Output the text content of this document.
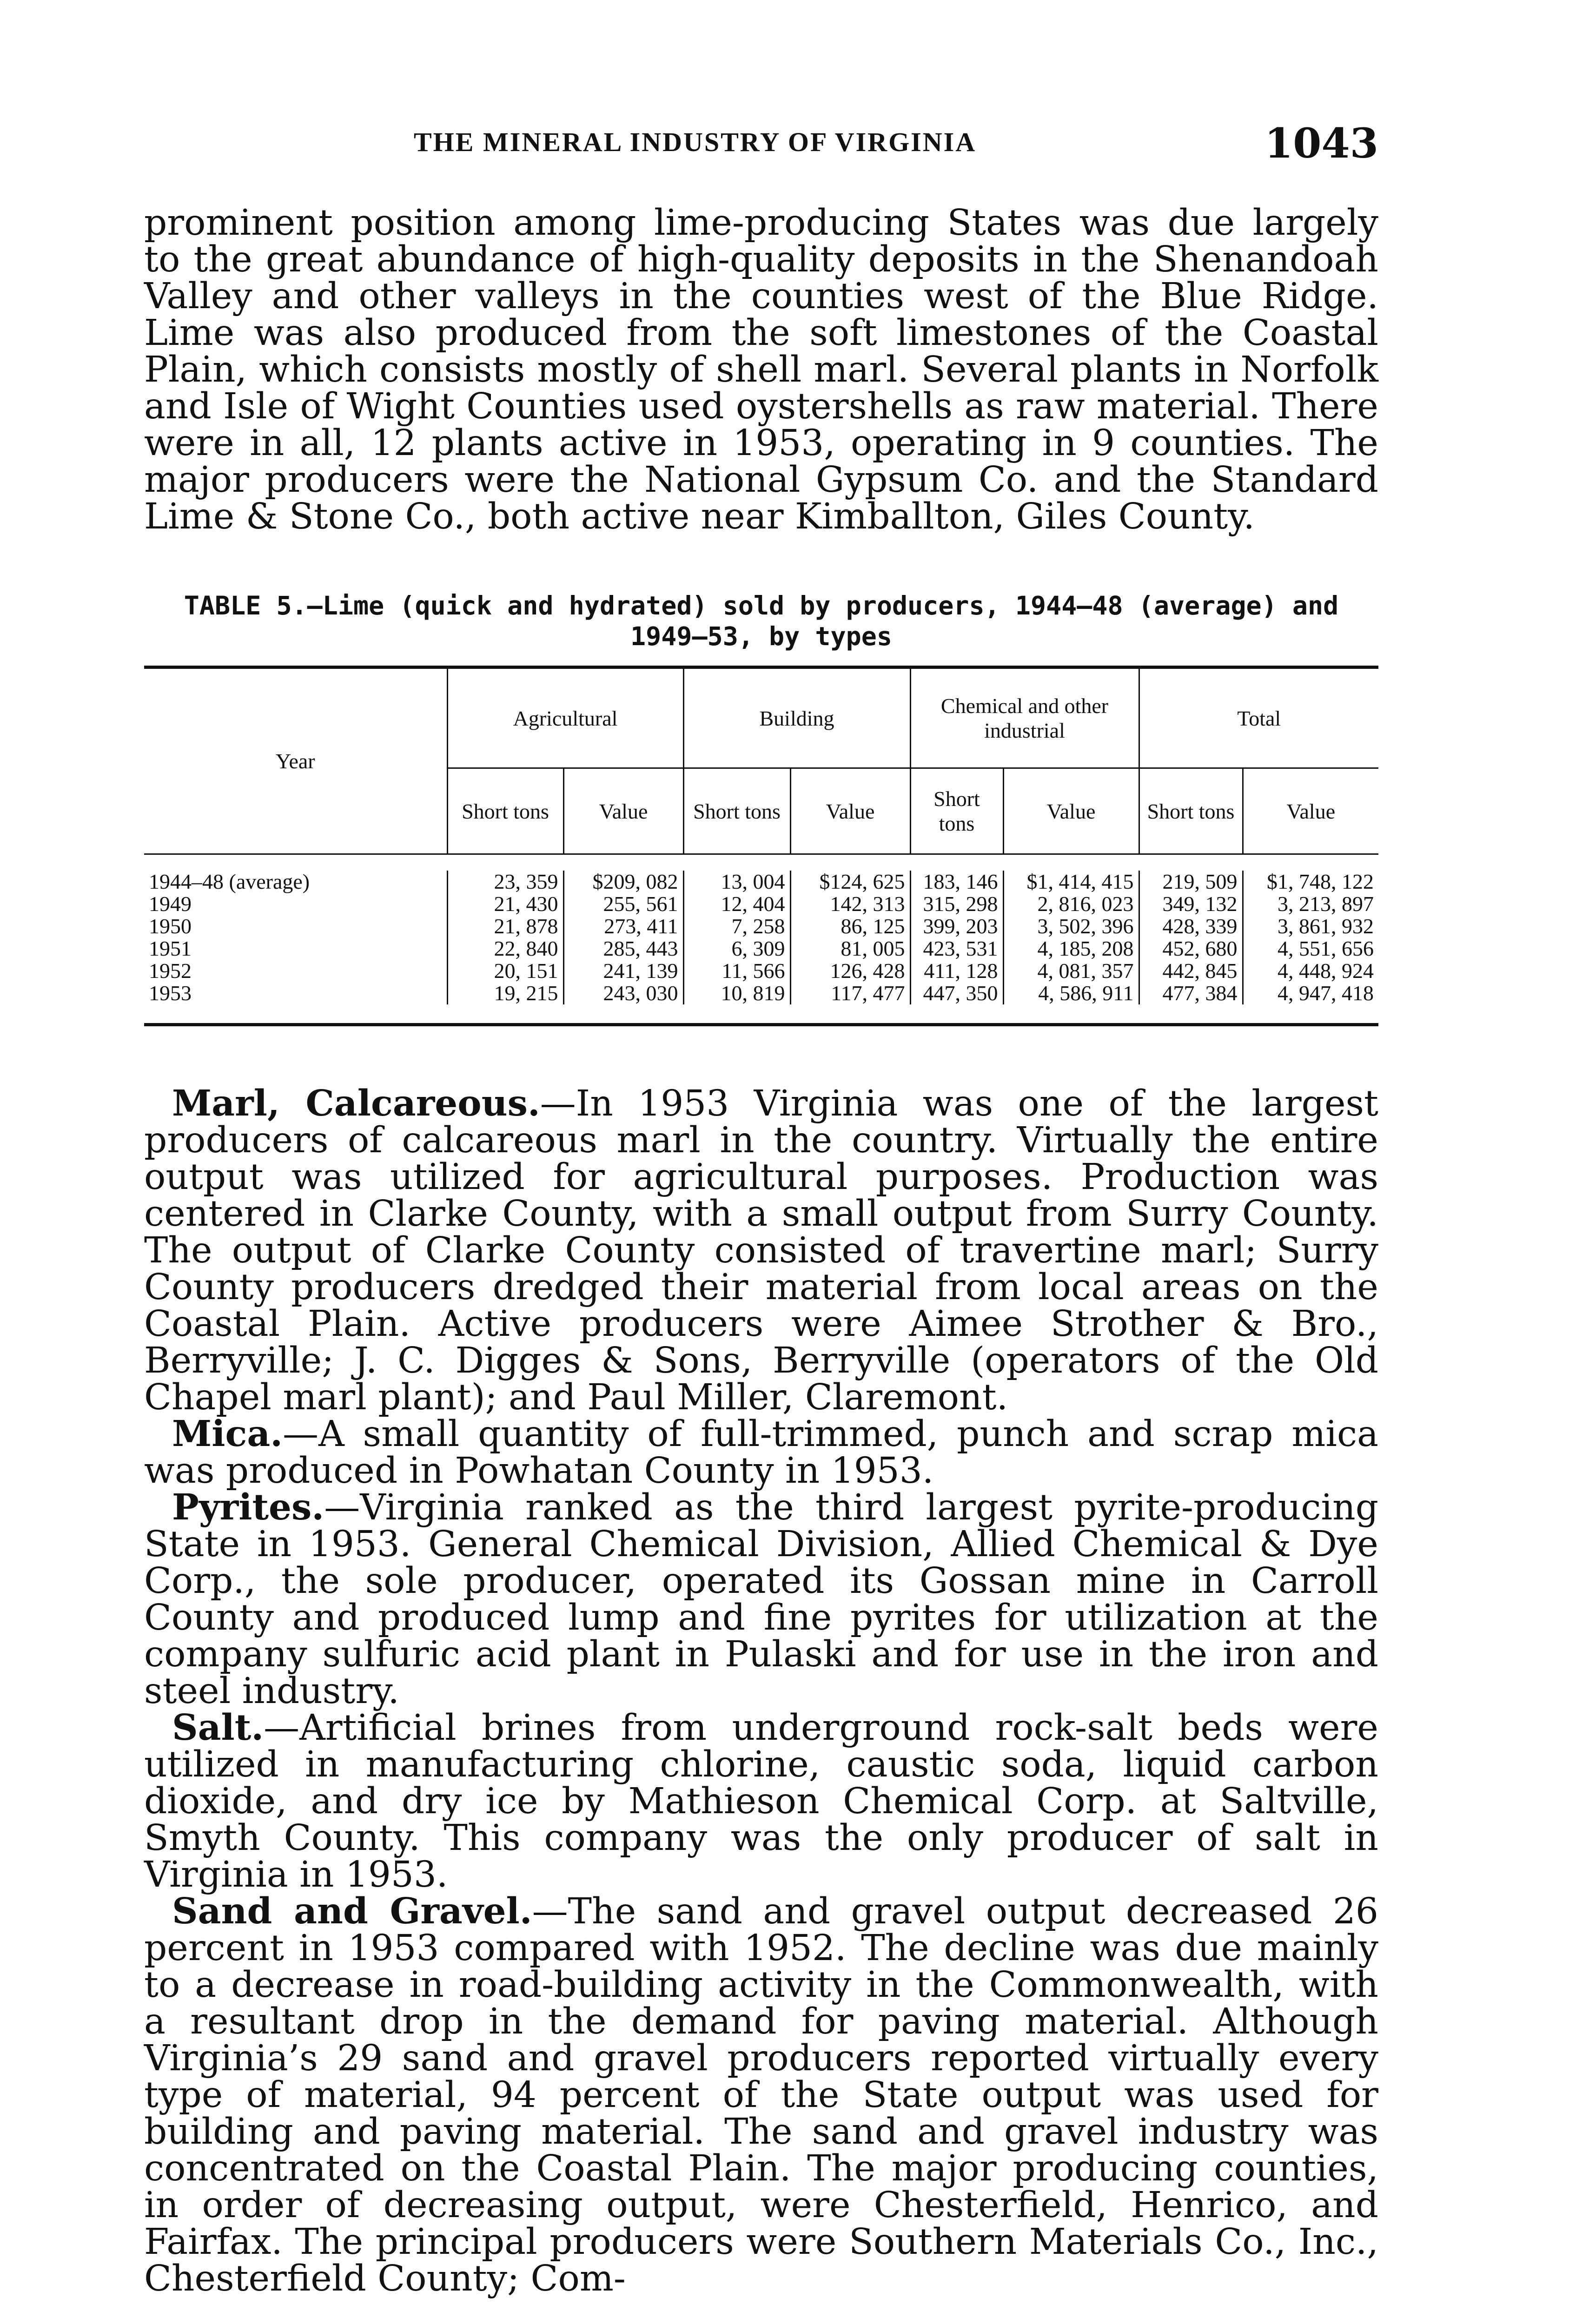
THE MINERAL INDUSTRY OF VIRGINIA	1043

prominent position among lime-producing States was due largely to the great abundance of high-quality deposits in the Shenandoah Valley and other valleys in the counties west of the Blue Ridge. Lime was also produced from the soft limestones of the Coastal Plain, which consists mostly of shell marl. Several plants in Norfolk and Isle of Wight Counties used oystershells as raw material. There were in all, 12 plants active in 1953, operating in 9 counties. The major producers were the National Gypsum Co. and the Standard Lime & Stone Co., both active near Kimballton, Giles County.

TABLE 5.—Lime (quick and hydrated) sold by producers, 1944–48 (average) and 1949–53, by types
Year	Agricultural		Building		Chemical and other industrial		Total	
	Short tons	Value	Short tons	Value	Short tons	Value	Short tons	Value

1944–48 (average)	23, 359	$209, 082	13, 004	$124, 625	183, 146	$1, 414, 415	219, 509	$1, 748, 122
1949	21, 430	255, 561	12, 404	142, 313	315, 298	2, 816, 023	349, 132	3, 213, 897
1950	21, 878	273, 411	7, 258	86, 125	399, 203	3, 502, 396	428, 339	3, 861, 932
1951	22, 840	285, 443	6, 309	81, 005	423, 531	4, 185, 208	452, 680	4, 551, 656
1952	20, 151	241, 139	11, 566	126, 428	411, 128	4, 081, 357	442, 845	4, 448, 924
1953	19, 215	243, 030	10, 819	117, 477	447, 350	4, 586, 911	477, 384	4, 947, 418

Marl, Calcareous.—In 1953 Virginia was one of the largest producers of calcareous marl in the country. Virtually the entire output was utilized for agricultural purposes. Production was centered in Clarke County, with a small output from Surry County. The output of Clarke County consisted of travertine marl; Surry County producers dredged their material from local areas on the Coastal Plain. Active producers were Aimee Strother & Bro., Berryville; J. C. Digges & Sons, Berryville (operators of the Old Chapel marl plant); and Paul Miller, Claremont.

Mica.—A small quantity of full-trimmed, punch and scrap mica was produced in Powhatan County in 1953.

Pyrites.—Virginia ranked as the third largest pyrite-producing State in 1953. General Chemical Division, Allied Chemical & Dye Corp., the sole producer, operated its Gossan mine in Carroll County and produced lump and fine pyrites for utilization at the company sulfuric acid plant in Pulaski and for use in the iron and steel industry.

Salt.—Artificial brines from underground rock-salt beds were utilized in manufacturing chlorine, caustic soda, liquid carbon dioxide, and dry ice by Mathieson Chemical Corp. at Saltville, Smyth County. This company was the only producer of salt in Virginia in 1953.

Sand and Gravel.—The sand and gravel output decreased 26 percent in 1953 compared with 1952. The decline was due mainly to a decrease in road-building activity in the Commonwealth, with a resultant drop in the demand for paving material. Although Virginia’s 29 sand and gravel producers reported virtually every type of material, 94 percent of the State output was used for building and paving material. The sand and gravel industry was concentrated on the Coastal Plain. The major producing counties, in order of decreasing output, were Chesterfield, Henrico, and Fairfax. The principal producers were Southern Materials Co., Inc., Chesterfield County; Com-
